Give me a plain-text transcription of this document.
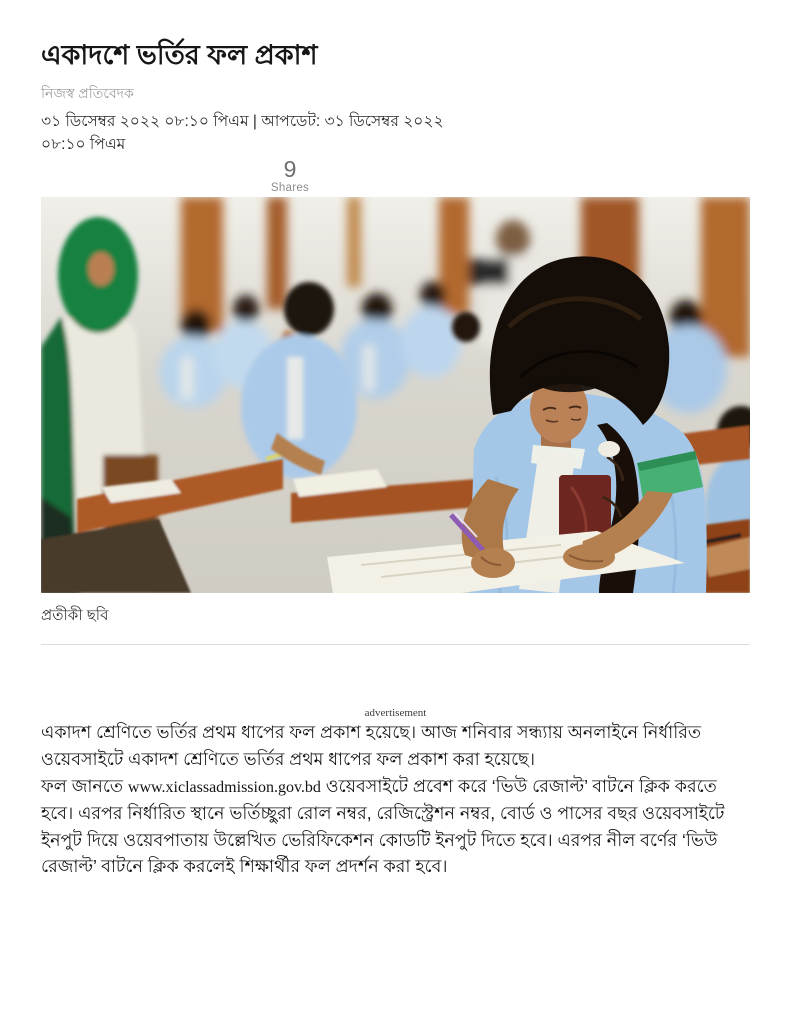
একাদশে ভর্তির ফল প্রকাশ
নিজস্ব প্রতিবেদক
৩১ ডিসেম্বর ২০২২ ০৮:১০ পিএম | আপডেট: ৩১ ডিসেম্বর ২০২২ ০৮:১০ পিএম
9
Shares
প্রতীকী ছবি
advertisement

একাদশ শ্রেণিতে ভর্তির প্রথম ধাপের ফল প্রকাশ হয়েছে। আজ শনিবার সন্ধ্যায় অনলাইনে নির্ধারিত ওয়েবসাইটে একাদশ শ্রেণিতে ভর্তির প্রথম ধাপের ফল প্রকাশ করা হয়েছে।

ফল জানতে www.xiclassadmission.gov.bd ওয়েবসাইটে প্রবেশ করে ‘ভিউ রেজাল্ট’ বাটনে ক্লিক করতে হবে। এরপর নির্ধারিত স্থানে ভর্তিচ্ছুরা রোল নম্বর, রেজিস্ট্রেশন নম্বর, বোর্ড ও পাসের বছর ওয়েবসাইটে ইনপুট দিয়ে ওয়েবপাতায় উল্লেখিত ভেরিফিকেশন কোডটি ইনপুট দিতে হবে। এরপর নীল বর্ণের ‘ভিউ রেজাল্ট’ বাটনে ক্লিক করলেই শিক্ষার্থীর ফল প্রদর্শন করা হবে।
